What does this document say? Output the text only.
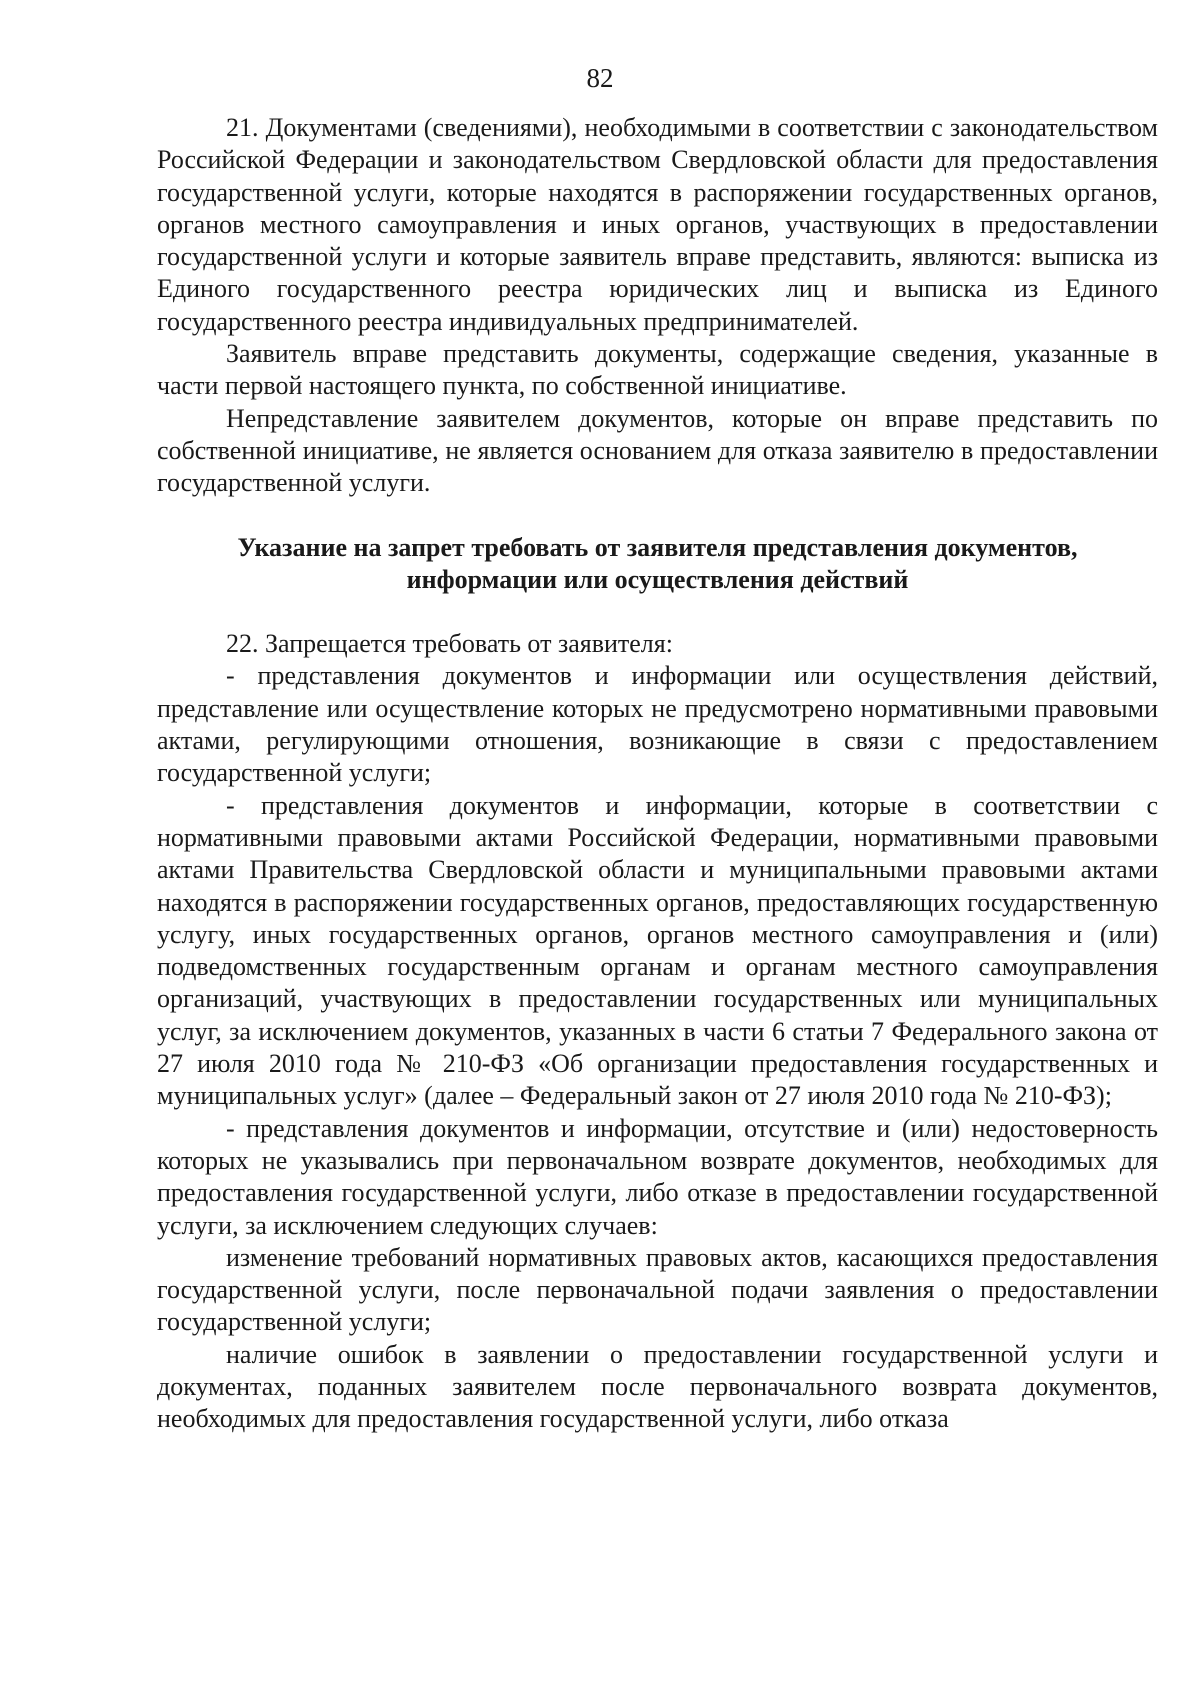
82

21. Документами (сведениями), необходимыми в соответствии с законодательством Российской Федерации и законодательством Свердловской области для предоставления государственной услуги, которые находятся в распоряжении государственных органов, органов местного самоуправления и иных органов, участвующих в предоставлении государственной услуги и которые заявитель вправе представить, являются: выписка из Единого государственного реестра юридических лиц и выписка из Единого государственного реестра индивидуальных предпринимателей.

Заявитель вправе представить документы, содержащие сведения, указанные в части первой настоящего пункта, по собственной инициативе.

Непредставление заявителем документов, которые он вправе представить по собственной инициативе, не является основанием для отказа заявителю в предоставлении государственной услуги.

Указание на запрет требовать от заявителя представления документов, информации или осуществления действий

22. Запрещается требовать от заявителя:

- представления документов и информации или осуществления действий, представление или осуществление которых не предусмотрено нормативными правовыми актами, регулирующими отношения, возникающие в связи с предоставлением государственной услуги;

- представления документов и информации, которые в соответствии с нормативными правовыми актами Российской Федерации, нормативными правовыми актами Правительства Свердловской области и муниципальными правовыми актами находятся в распоряжении государственных органов, предоставляющих государственную услугу, иных государственных органов, органов местного самоуправления и (или) подведомственных государственным органам и органам местного самоуправления организаций, участвующих в предоставлении государственных или муниципальных услуг, за исключением документов, указанных в части 6 статьи 7 Федерального закона от 27 июля 2010 года № 210-ФЗ «Об организации предоставления государственных и муниципальных услуг» (далее – Федеральный закон от 27 июля 2010 года № 210-ФЗ);

- представления документов и информации, отсутствие и (или) недостоверность которых не указывались при первоначальном возврате документов, необходимых для предоставления государственной услуги, либо отказе в предоставлении государственной услуги, за исключением следующих случаев:

изменение требований нормативных правовых актов, касающихся предоставления государственной услуги, после первоначальной подачи заявления о предоставлении государственной услуги;

наличие ошибок в заявлении о предоставлении государственной услуги и документах, поданных заявителем после первоначального возврата документов, необходимых для предоставления государственной услуги, либо отказа
